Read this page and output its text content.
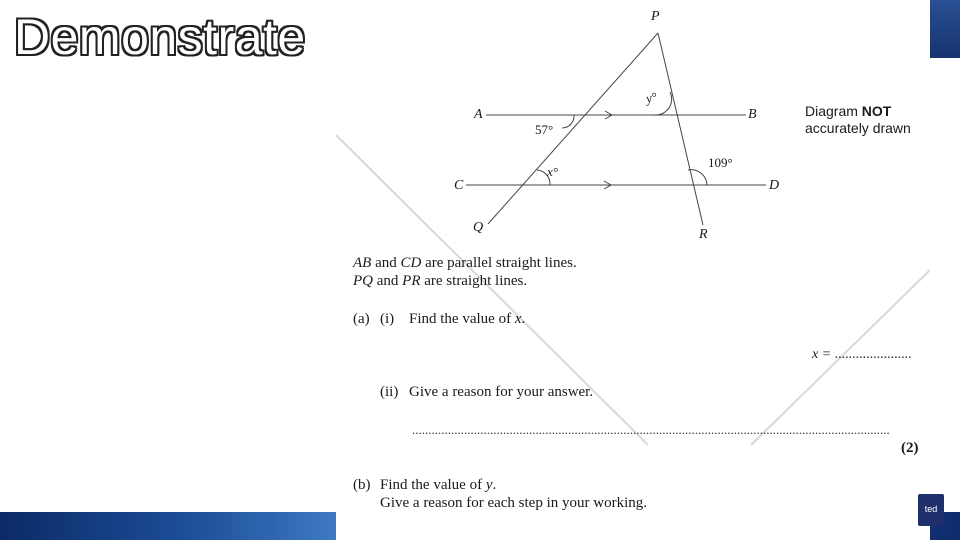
P
A	B
C	D
Q	R
57°
y°
x°
109°
Diagram NOT
accurately drawn
AB and CD are parallel straight lines.
PQ and PR are straight lines.
(a) (i) Find the value of x.
x = ......................
(ii) Give a reason for your answer.
...................................................................................................................................................
(2)
(b) Find the value of y.
Give a reason for each step in your working.
Demonstrate
ted
